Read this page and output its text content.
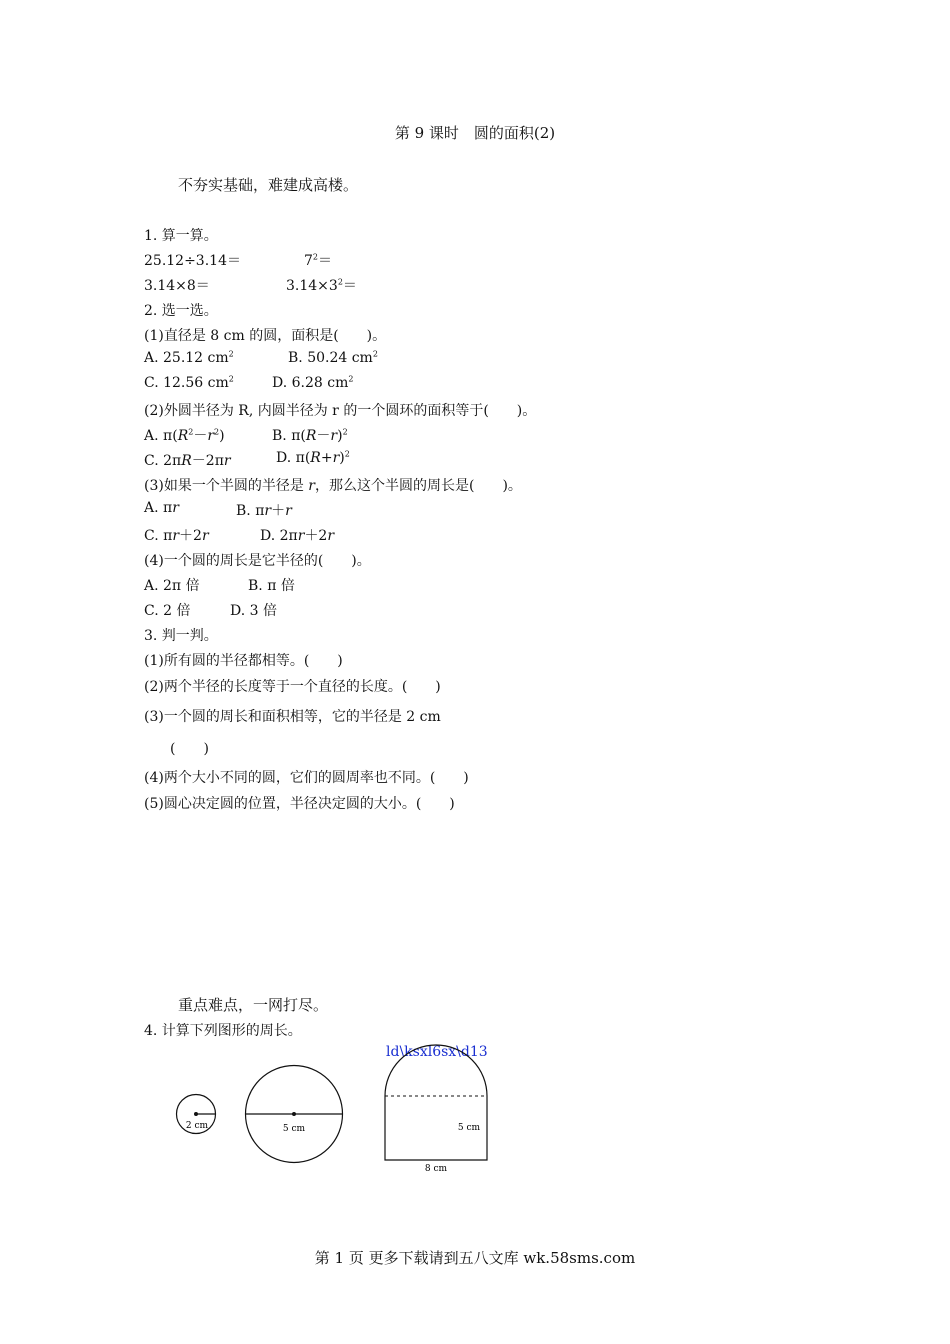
第 9 课时　圆的面积(2)
不夯实基础，难建成高楼。
1. 算一算。
25.12÷3.14＝	$7^2=$
3.14×8＝	$3.14\times 3^2=$
2. 选一选。
(1)直径是 8 cm 的圆，面积是(　　)。
A. 25.12 $cm^2$	B. 50.24 $cm^2$
C. 12.56 $cm^2$	D. 6.28 $cm^2$
(2)外圆半径为 R, 内圆半径为 r 的一个圆环的面积等于(　　)。
A. $\pi(R^2-r^2)$	B. $\pi(R-r)^2$
C. 2πR－2πr	D. $\pi(R+r)^2$
(3)如果一个半圆的半径是 r，那么这个半圆的周长是(　　)。
A. πr	B. πr＋r
C. πr＋2r	D. 2πr＋2r
(4)一个圆的周长是它半径的(　　)。
A. 2π 倍	B. π 倍
C. 2 倍	D. 3 倍
3. 判一判。
(1)所有圆的半径都相等。(　　)
(2)两个半径的长度等于一个直径的长度。(　　)
(3)一个圆的周长和面积相等，它的半径是 2 cm
(　　)
(4)两个大小不同的圆，它们的圆周率也不同。(　　)
(5)圆心决定圆的位置，半径决定圆的大小。(　　)
重点难点，一网打尽。
4. 计算下列图形的周长。
ld\ksxl6sx\d13
2 cm	5 cm	5 cm
8 cm
第 1 页 更多下载请到五八文库 wk.58sms.com
